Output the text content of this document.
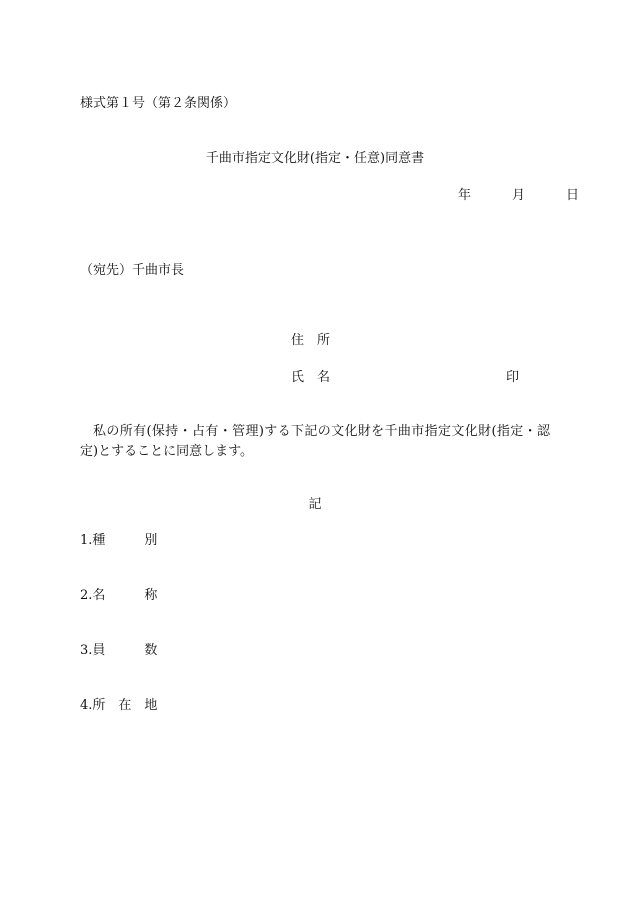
様式第１号（第２条関係）
千曲市指定文化財(指定・任意)同意書
年	月	日
（宛先）千曲市長
住　所
氏　名	印
私の所有(保持・占有・管理)する下記の文化財を千曲市指定文化財(指定・認定)とすることに同意します。
記
1.種　　　別
2.名　　　称
3.員　　　数
4.所　在　地
